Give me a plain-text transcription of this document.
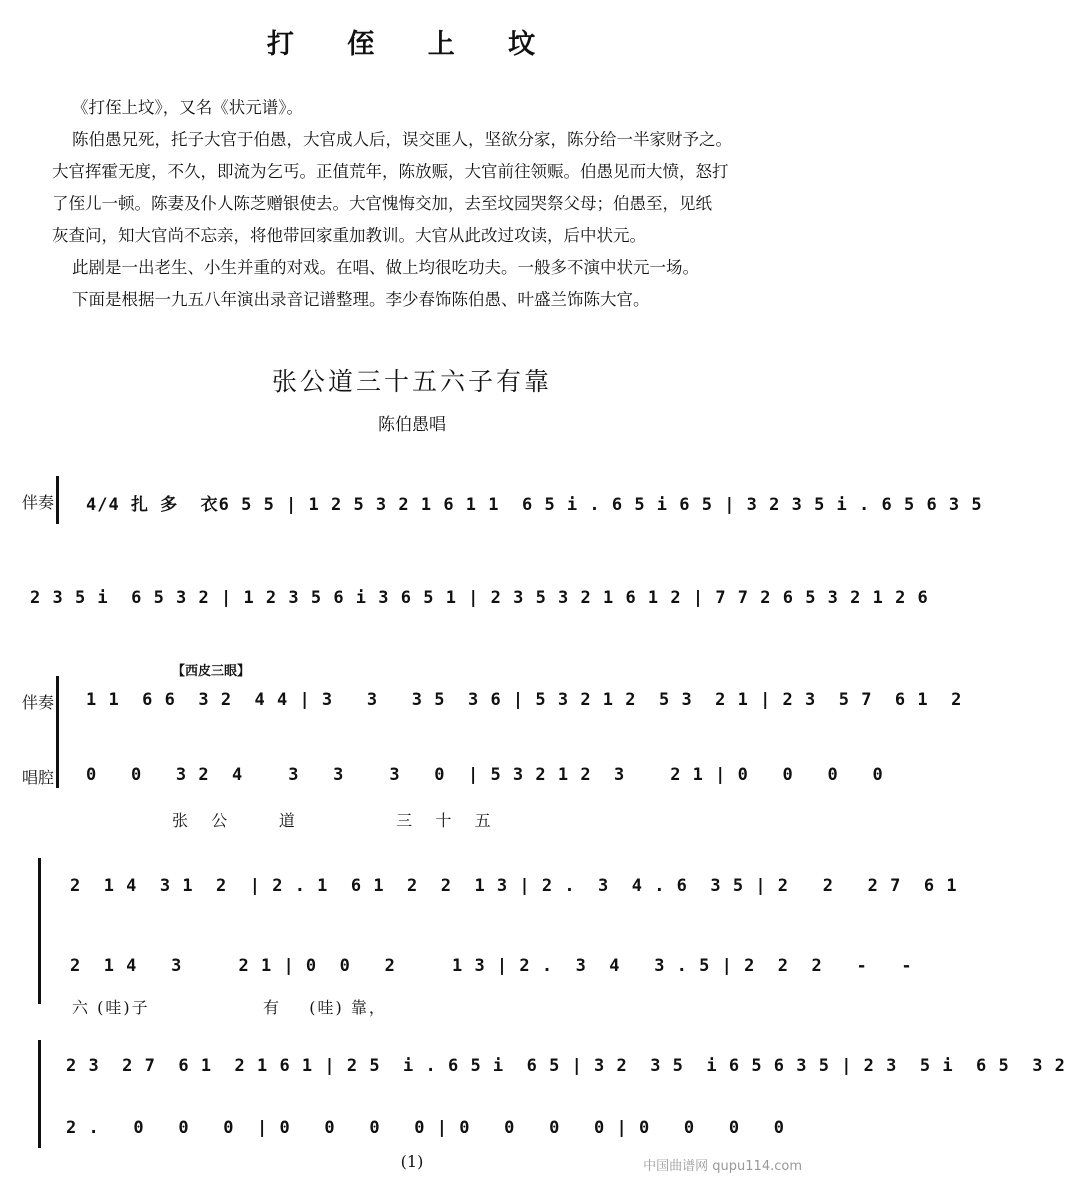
打 侄 上 坟

《打侄上坟》，又名《状元谱》。

陈伯愚兄死，托子大官于伯愚，大官成人后，误交匪人，坚欲分家，陈分给一半家财予之。

大官挥霍无度，不久，即流为乞丐。正值荒年，陈放赈，大官前往领赈。伯愚见而大愤，怒打

了侄儿一顿。陈妻及仆人陈芝赠银使去。大官愧悔交加，去至坟园哭祭父母；伯愚至，见纸

灰查问，知大官尚不忘亲，将他带回家重加教训。大官从此改过攻读，后中状元。

此剧是一出老生、小生并重的对戏。在唱、做上均很吃功夫。一般多不演中状元一场。

下面是根据一九五八年演出录音记谱整理。李少春饰陈伯愚、叶盛兰饰陈大官。

张公道三十五六子有靠
陈伯愚唱
伴奏 4/4 扎 多  衣6 5 5 | 1 2 5 3 2 1 6 1 1  6 5 i . 6 5 i 6 5 | 3 2 3 5 i . 6 5 6 3 5
2 3 5 i  6 5 3 2 | 1 2 3 5 6 i 3 6 5 1 | 2 3 5 3 2 1 6 1 2 | 7 7 2 6 5 3 2 1 2 6
【西皮三眼】
伴奏
唱腔
1 1  6 6  3 2  4 4 | 3   3   3 5  3 6 | 5 3 2 1 2  5 3  2 1 | 2 3  5 7  6 1  2
0   0   3 2  4    3   3    3   0  | 5 3 2 1 2  3    2 1 | 0   0   0   0
张   公       道              三   十   五
2  1 4  3 1  2  | 2 . 1  6 1  2  2  1 3 | 2 .  3  4 . 6  3 5 | 2   2   2 7  6 1
2  1 4   3     2 1 | 0  0   2     1 3 | 2 .  3  4   3 . 5 | 2  2  2   -   -
六 (哇)子                有    (哇) 靠，
2 3  2 7  6 1  2 1 6 1 | 2 5  i . 6 5 i  6 5 | 3 2  3 5  i 6 5 6 3 5 | 2 3  5 i  6 5  3 2
2 .   0   0   0  | 0   0   0   0 | 0   0   0   0 | 0   0   0   0
(1)	中国曲谱网 qupu114.com
